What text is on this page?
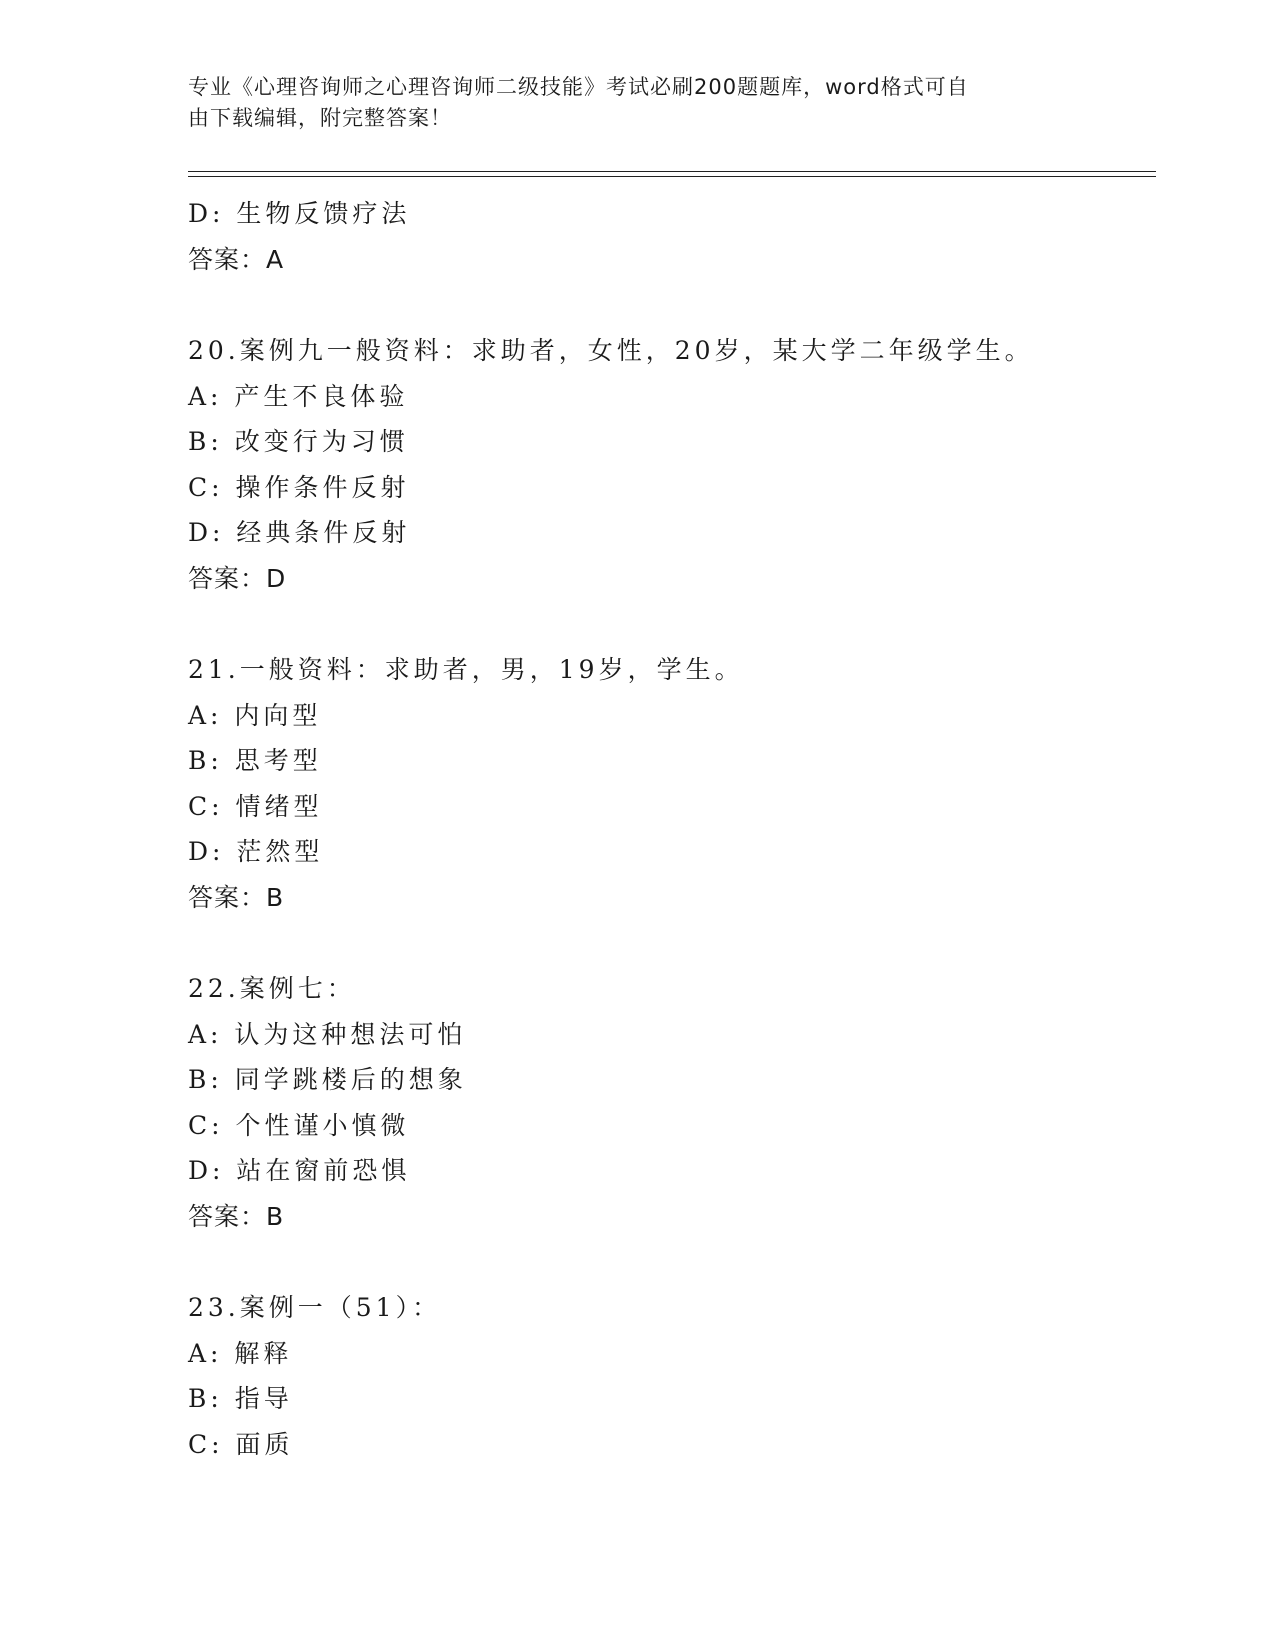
专业《心理咨询师之心理咨询师二级技能》考试必刷200题题库，word格式可自
由下载编辑，附完整答案！
D: 生物反馈疗法
答案：A
20.案例九一般资料：求助者，女性，20岁，某大学二年级学生。
A: 产生不良体验
B: 改变行为习惯
C: 操作条件反射
D: 经典条件反射
答案：D
21.一般资料：求助者，男，19岁，学生。
A: 内向型
B: 思考型
C: 情绪型
D: 茫然型
答案：B
22.案例七：
A: 认为这种想法可怕
B: 同学跳楼后的想象
C: 个性谨小慎微
D: 站在窗前恐惧
答案：B
23.案例一（51）：
A: 解释
B: 指导
C: 面质
